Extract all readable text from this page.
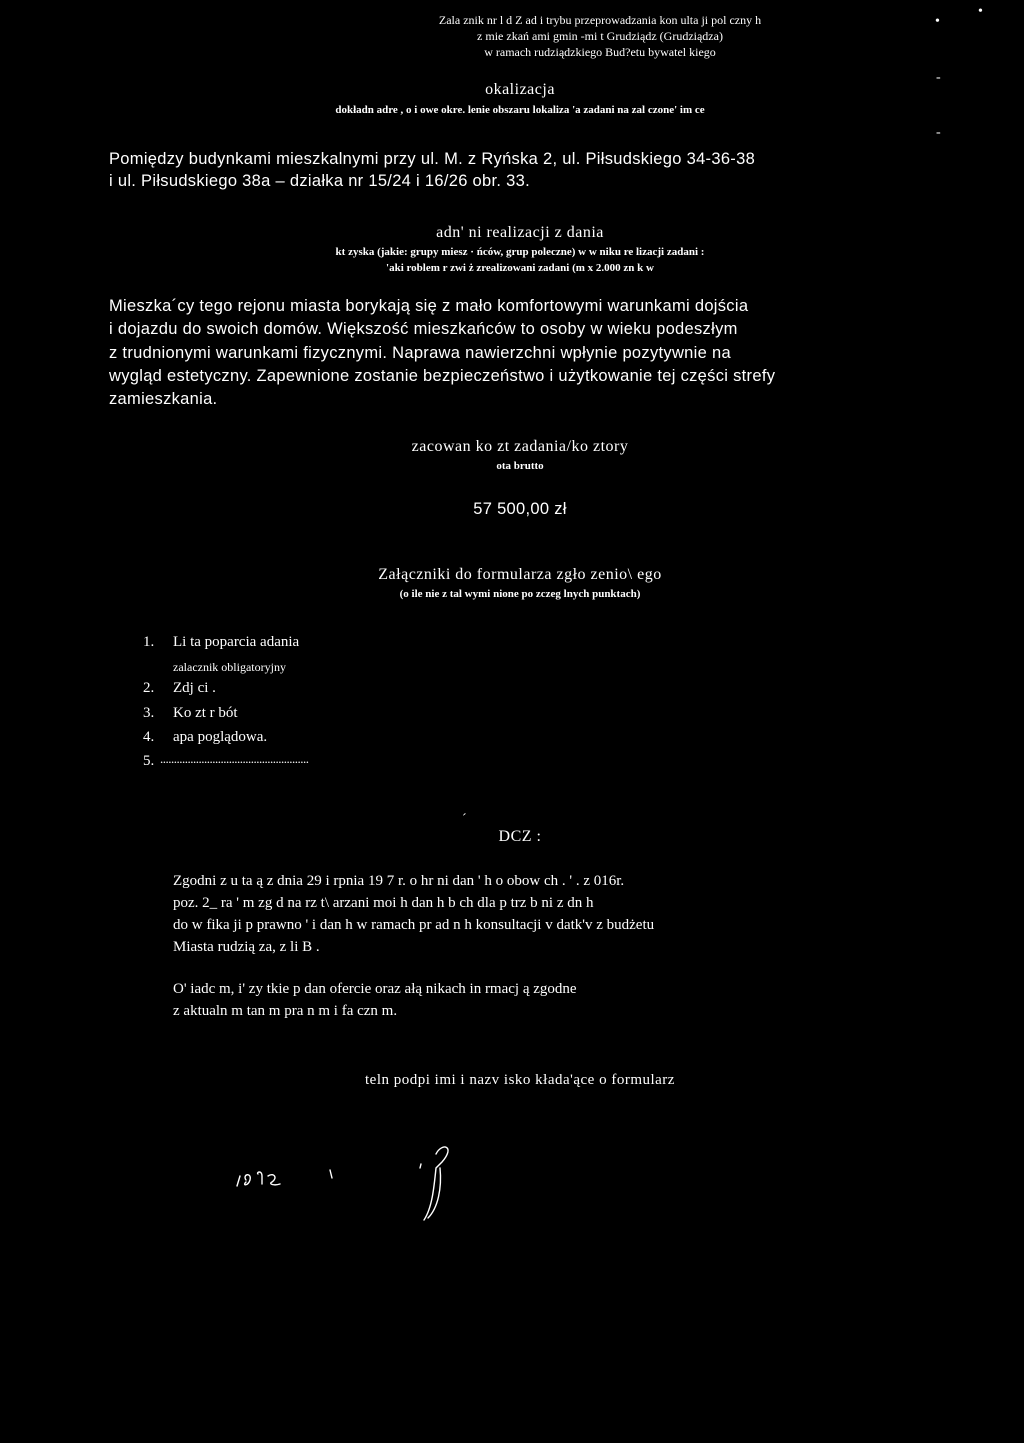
Zala znik nr l d Z ad i trybu przeprowadzania kon ulta ji pol czny h
z mie zkań ami gmin -mi t Grudziądz (Grudziądza)
w ramach rudziądzkiego Bud?etu bywatel kiego
•
•
-
-
okalizacja
dokładn adre , o i owe okre. lenie obszaru lokaliza 'a zadani na zal czone' im ce
Pomiędzy budynkami mieszkalnymi przy ul. M. z Ryńska 2, ul. Piłsudskiego 34-36-38
i ul. Piłsudskiego 38a – działka nr 15/24 i 16/26 obr. 33.
adn' ni realizacji z dania
kt zyska (jakie: grupy miesz · ńców, grup poleczne) w w niku re lizacji zadani :
'aki roblem r zwi ż zrealizowani zadani (m x 2.000 zn k w
Mieszka´cy tego rejonu miasta borykają się z mało komfortowymi warunkami dojścia
i dojazdu do swoich domów. Większość mieszkańców to osoby w wieku podeszłym
z trudnionymi warunkami fizycznymi. Naprawa nawierzchni wpłynie pozytywnie na
wygląd estetyczny. Zapewnione zostanie bezpieczeństwo i użytkowanie tej części strefy
zamieszkania.
zacowan ko zt zadania/ko ztory
ota brutto
57 500,00 zł
Załączniki do formularza zgło zenio\ ego
(o ile nie z tal wymi nione po zczeg lnych punktach)
1. Li ta poparcia adania
zalacznik obligatoryjny
2. Zdj ci .
3. Ko zt r bót
4. apa poglądowa.
5. ......................................................
´
DCZ :
Zgodni z u ta ą z dnia 29 i rpnia 19 7 r. o hr ni dan ' h o obow ch . ' . z 016r.
poz. 2_ ra ' m zg d na rz t\ arzani moi h dan h b ch dla p trz b ni z dn h
do w fika ji p prawno ' i dan h w ramach pr ad n h konsultacji v datk'v z budżetu
Miasta rudzią za, z li B .
O' iadc m, i' zy tkie p dan ofercie oraz ałą nikach in rmacj ą zgodne
z aktualn m tan m pra n m i fa czn m.
teln podpi imi i nazv isko kłada'ące o formularz
